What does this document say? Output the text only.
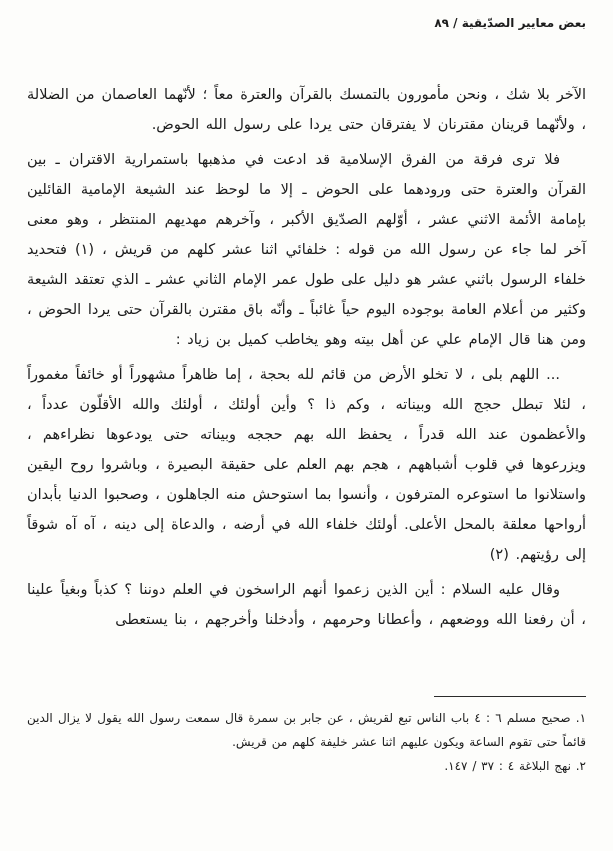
بعض معايير الصدّيقية / ٨٩

الآخر بلا شك ، ونحن مأمورون بالتمسك بالقرآن والعترة معاً ؛ لأنّهما العاصمان من الضلالة ، ولأنّهما قرينان مقترنان لا يفترقان حتى يردا على رسول الله الحوض.

فلا ترى فرقة من الفرق الإسلامية قد ادعت في مذهبها باستمرارية الاقتران ـ بين القرآن والعترة حتى ورودهما على الحوض ـ إلا ما لوحظ عند الشيعة الإمامية القائلين بإمامة الأئمة الاثني عشر ، أوّلهم الصدّيق الأكبر ، وآخرهم مهديهم المنتظر ، وهو معنى آخر لما جاء عن رسول الله من قوله : خلفائي اثنا عشر كلهم من قريش ، (١) فتحديد خلفاء الرسول باثني عشر هو دليل على طول عمر الإمام الثاني عشر ـ الذي تعتقد الشيعة وكثير من أعلام العامة بوجوده اليوم حياً غائباً ـ وأنّه باق مقترن بالقرآن حتى يردا الحوض ، ومن هنا قال الإمام علي عن أهل بيته وهو يخاطب كميل بن زياد :

... اللهم بلى ، لا تخلو الأرض من قائم لله بحجة ، إما ظاهراً مشهوراً أو خائفاً مغموراً ، لئلا تبطل حجج الله وبيناته ، وكم ذا ؟ وأين أولئك ، أولئك والله الأقلّون عدداً ، والأعظمون عند الله قدراً ، يحفظ الله بهم حججه وبيناته حتى يودعوها نظراءهم ، ويزرعوها في قلوب أشباههم ، هجم بهم العلم على حقيقة البصيرة ، وباشروا روح اليقين واستلانوا ما استوعره المترفون ، وأنسوا بما استوحش منه الجاهلون ، وصحبوا الدنيا بأبدان أرواحها معلقة بالمحل الأعلى. أولئك خلفاء الله في أرضه ، والدعاة إلى دينه ، آه آه شوقاً إلى رؤيتهم. (٢)

وقال عليه السلام : أين الذين زعموا أنهم الراسخون في العلم دوننا ؟ كذباً وبغياً علينا ، أن رفعنا الله ووضعهم ، وأعطانا وحرمهم ، وأدخلنا وأخرجهم ، بنا يستعطى

١. صحيح مسلم ٦ : ٤ باب الناس تبع لقريش ، عن جابر بن سمرة قال سمعت رسول الله يقول لا يزال الدين قائماً حتى تقوم الساعة ويكون عليهم اثنا عشر خليفة كلهم من قريش.

٢. نهج البلاغة ٤ : ٣٧ / ١٤٧.
